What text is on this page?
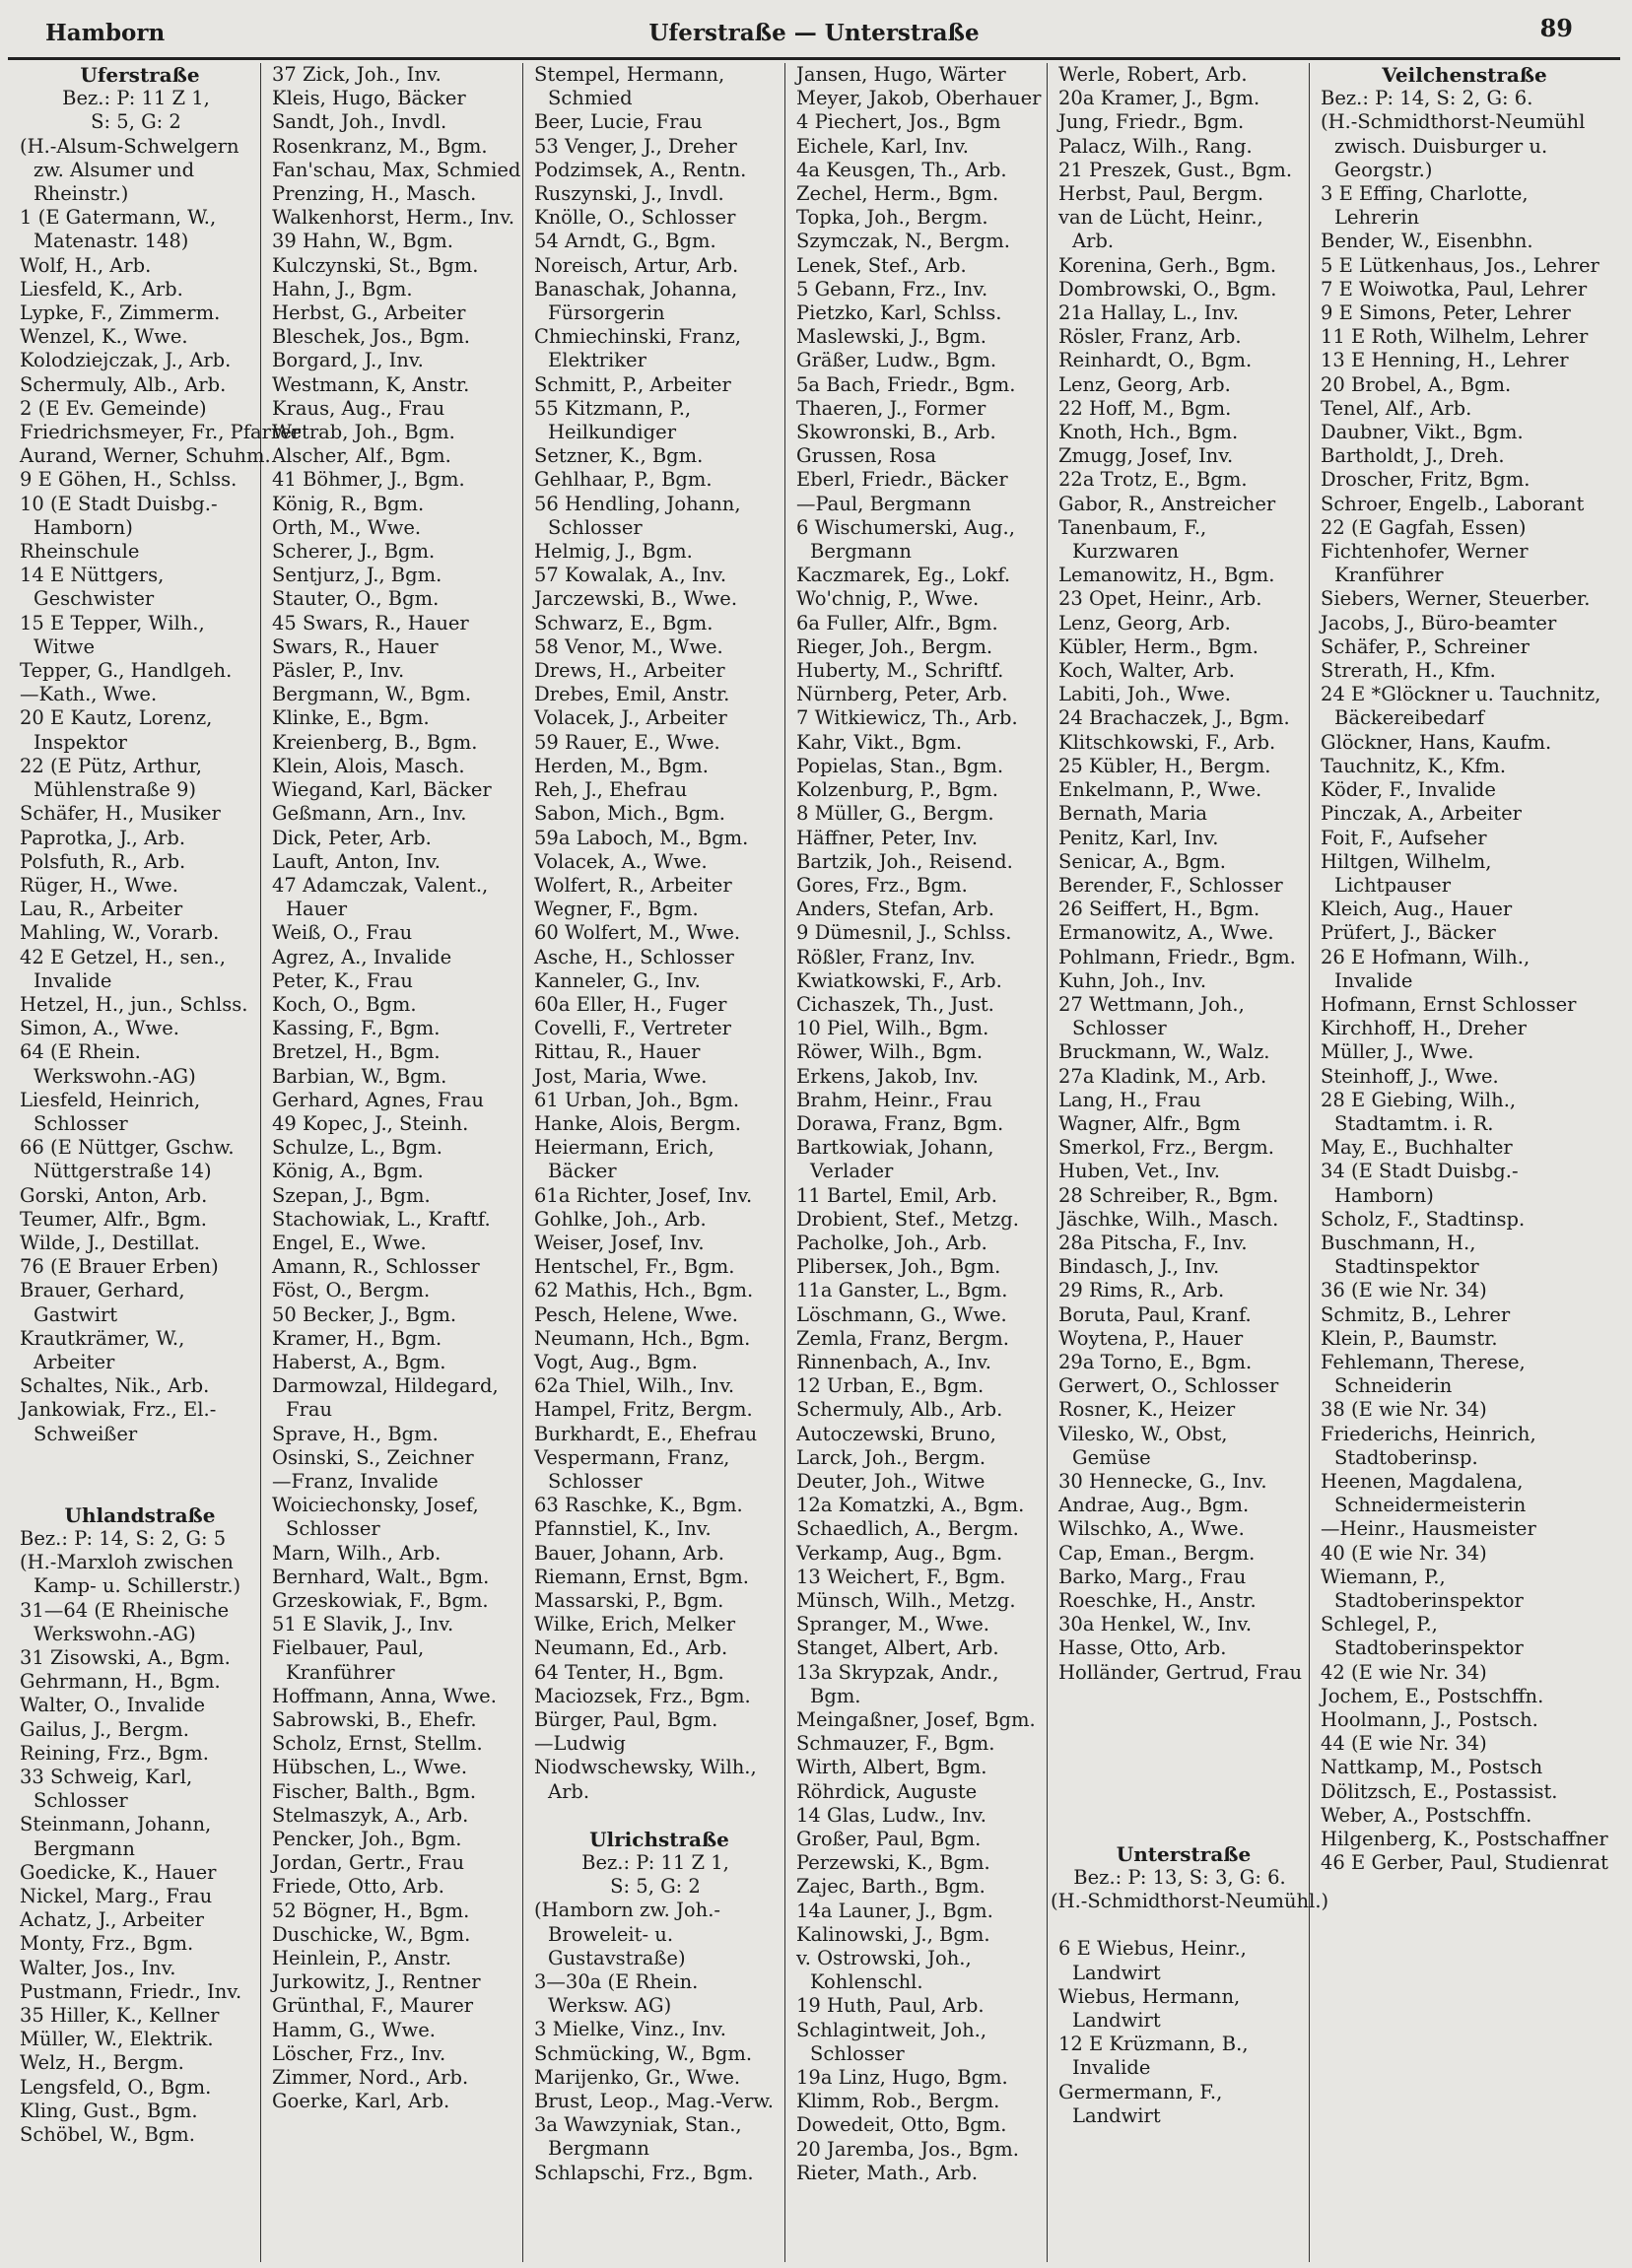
Hamborn	Uferstraße — Unterstraße	89
Uferstraße
Bez.: P: 11 Z 1,
S: 5, G: 2
(H.-Alsum-Schwelgern zw. Alsumer und Rheinstr.)
1 (E Gatermann, W., Matenastr. 148)
Wolf, H., Arb.
Liesfeld, K., Arb.
Lypke, F., Zimmerm.
Wenzel, K., Wwe.
Kolodziejczak, J., Arb.
Schermuly, Alb., Arb.
2 (E Ev. Gemeinde)
Friedrichsmeyer, Fr., Pfarrer
Aurand, Werner, Schuhm.
9 E Göhen, H., Schlss.
10 (E Stadt Duisbg.-Hamborn)
Rheinschule
14 E Nüttgers, Geschwister
15 E Tepper, Wilh., Witwe
Tepper, G., Handlgeh.
—Kath., Wwe.
20 E Kautz, Lorenz, Inspektor
22 (E Pütz, Arthur, Mühlenstraße 9)
Schäfer, H., Musiker
Paprotka, J., Arb.
Polsfuth, R., Arb.
Rüger, H., Wwe.
Lau, R., Arbeiter
Mahling, W., Vorarb.
42 E Getzel, H., sen., Invalide
Hetzel, H., jun., Schlss.
Simon, A., Wwe.
64 (E Rhein. Werkswohn.-AG)
Liesfeld, Heinrich, Schlosser
66 (E Nüttger, Gschw. Nüttgerstraße 14)
Gorski, Anton, Arb.
Teumer, Alfr., Bgm.
Wilde, J., Destillat.
76 (E Brauer Erben)
Brauer, Gerhard, Gastwirt
Krautkrämer, W., Arbeiter
Schaltes, Nik., Arb.
Jankowiak, Frz., El.-Schweißer
Uhlandstraße
Bez.: P: 14, S: 2, G: 5
(H.-Marxloh zwischen Kamp- u. Schillerstr.)
31—64 (E Rheinische Werkswohn.-AG)
31 Zisowski, A., Bgm.
Gehrmann, H., Bgm.
Walter, O., Invalide
Gailus, J., Bergm.
Reining, Frz., Bgm.
33 Schweig, Karl, Schlosser
Steinmann, Johann, Bergmann
Goedicke, K., Hauer
Nickel, Marg., Frau
Achatz, J., Arbeiter
Monty, Frz., Bgm.
Walter, Jos., Inv.
Pustmann, Friedr., Inv.
35 Hiller, K., Kellner
Müller, W., Elektrik.
Welz, H., Bergm.
Lengsfeld, O., Bgm.
Kling, Gust., Bgm.
Schöbel, W., Bgm.
37 Zick, Joh., Inv.
Kleis, Hugo, Bäcker
Sandt, Joh., Invdl.
Rosenkranz, M., Bgm.
Fan'schau, Max, Schmied
Prenzing, H., Masch.
Walkenhorst, Herm., Inv.
39 Hahn, W., Bgm.
Kulczynski, St., Bgm.
Hahn, J., Bgm.
Herbst, G., Arbeiter
Bleschek, Jos., Bgm.
Borgard, J., Inv.
Westmann, K, Anstr.
Kraus, Aug., Frau
Wetrab, Joh., Bgm.
Alscher, Alf., Bgm.
41 Böhmer, J., Bgm.
König, R., Bgm.
Orth, M., Wwe.
Scherer, J., Bgm.
Sentjurz, J., Bgm.
Stauter, O., Bgm.
45 Swars, R., Hauer
Swars, R., Hauer
Päsler, P., Inv.
Bergmann, W., Bgm.
Klinke, E., Bgm.
Kreienberg, B., Bgm.
Klein, Alois, Masch.
Wiegand, Karl, Bäcker
Geßmann, Arn., Inv.
Dick, Peter, Arb.
Lauft, Anton, Inv.
47 Adamczak, Valent., Hauer
Weiß, O., Frau
Agrez, A., Invalide
Peter, K., Frau
Koch, O., Bgm.
Kassing, F., Bgm.
Bretzel, H., Bgm.
Barbian, W., Bgm.
Gerhard, Agnes, Frau
49 Kopec, J., Steinh.
Schulze, L., Bgm.
König, A., Bgm.
Szepan, J., Bgm.
Stachowiak, L., Kraftf.
Engel, E., Wwe.
Amann, R., Schlosser
Föst, O., Bergm.
50 Becker, J., Bgm.
Kramer, H., Bgm.
Haberst, A., Bgm.
Darmowzal, Hildegard, Frau
Sprave, H., Bgm.
Osinski, S., Zeichner
—Franz, Invalide
Woiciechonsky, Josef, Schlosser
Marn, Wilh., Arb.
Bernhard, Walt., Bgm.
Grzeskowiak, F., Bgm.
51 E Slavik, J., Inv.
Fielbauer, Paul, Kranführer
Hoffmann, Anna, Wwe.
Sabrowski, B., Ehefr.
Scholz, Ernst, Stellm.
Hübschen, L., Wwe.
Fischer, Balth., Bgm.
Stelmaszyk, A., Arb.
Pencker, Joh., Bgm.
Jordan, Gertr., Frau
Friede, Otto, Arb.
52 Bögner, H., Bgm.
Duschicke, W., Bgm.
Heinlein, P., Anstr.
Jurkowitz, J., Rentner
Grünthal, F., Maurer
Hamm, G., Wwe.
Löscher, Frz., Inv.
Zimmer, Nord., Arb.
Goerke, Karl, Arb.
Stempel, Hermann, Schmied
Beer, Lucie, Frau
53 Venger, J., Dreher
Podzimsek, A., Rentn.
Ruszynski, J., Invdl.
Knölle, O., Schlosser
54 Arndt, G., Bgm.
Noreisch, Artur, Arb.
Banaschak, Johanna, Fürsorgerin
Chmiechinski, Franz, Elektriker
Schmitt, P., Arbeiter
55 Kitzmann, P., Heilkundiger
Setzner, K., Bgm.
Gehlhaar, P., Bgm.
56 Hendling, Johann, Schlosser
Helmig, J., Bgm.
57 Kowalak, A., Inv.
Jarczewski, B., Wwe.
Schwarz, E., Bgm.
58 Venor, M., Wwe.
Drews, H., Arbeiter
Drebes, Emil, Anstr.
Volacek, J., Arbeiter
59 Rauer, E., Wwe.
Herden, M., Bgm.
Reh, J., Ehefrau
Sabon, Mich., Bgm.
59a Laboch, M., Bgm.
Volacek, A., Wwe.
Wolfert, R., Arbeiter
Wegner, F., Bgm.
60 Wolfert, M., Wwe.
Asche, H., Schlosser
Kanneler, G., Inv.
60a Eller, H., Fuger
Covelli, F., Vertreter
Rittau, R., Hauer
Jost, Maria, Wwe.
61 Urban, Joh., Bgm.
Hanke, Alois, Bergm.
Heiermann, Erich, Bäcker
61a Richter, Josef, Inv.
Gohlke, Joh., Arb.
Weiser, Josef, Inv.
Hentschel, Fr., Bgm.
62 Mathis, Hch., Bgm.
Pesch, Helene, Wwe.
Neumann, Hch., Bgm.
Vogt, Aug., Bgm.
62a Thiel, Wilh., Inv.
Hampel, Fritz, Bergm.
Burkhardt, E., Ehefrau
Vespermann, Franz, Schlosser
63 Raschke, K., Bgm.
Pfannstiel, K., Inv.
Bauer, Johann, Arb.
Riemann, Ernst, Bgm.
Massarski, P., Bgm.
Wilke, Erich, Melker
Neumann, Ed., Arb.
64 Tenter, H., Bgm.
Maciozsek, Frz., Bgm.
Bürger, Paul, Bgm.
—Ludwig
Niodwschewsky, Wilh., Arb.
Ulrichstraße
Bez.: P: 11 Z 1,
S: 5, G: 2
(Hamborn zw. Joh.-Broweleit- u. Gustavstraße)
3—30a (E Rhein. Werksw. AG)
3 Mielke, Vinz., Inv.
Schmücking, W., Bgm.
Marijenko, Gr., Wwe.
Brust, Leop., Mag.-Verw.
3a Wawzyniak, Stan., Bergmann
Schlapschi, Frz., Bgm.
Jansen, Hugo, Wärter
Meyer, Jakob, Oberhauer
4 Piechert, Jos., Bgm
Eichele, Karl, Inv.
4a Keusgen, Th., Arb.
Zechel, Herm., Bgm.
Topka, Joh., Bergm.
Szymczak, N., Bergm.
Lenek, Stef., Arb.
5 Gebann, Frz., Inv.
Pietzko, Karl, Schlss.
Maslewski, J., Bgm.
Gräßer, Ludw., Bgm.
5a Bach, Friedr., Bgm.
Thaeren, J., Former
Skowronski, B., Arb.
Grussen, Rosa
Eberl, Friedr., Bäcker
—Paul, Bergmann
6 Wischumerski, Aug., Bergmann
Kaczmarek, Eg., Lokf.
Wo'chnig, P., Wwe.
6a Fuller, Alfr., Bgm.
Rieger, Joh., Bergm.
Huberty, M., Schriftf.
Nürnberg, Peter, Arb.
7 Witkiewicz, Th., Arb.
Kahr, Vikt., Bgm.
Popielas, Stan., Bgm.
Kolzenburg, P., Bgm.
8 Müller, G., Bergm.
Häffner, Peter, Inv.
Bartzik, Joh., Reisend.
Gores, Frz., Bgm.
Anders, Stefan, Arb.
9 Dümesnil, J., Schlss.
Rößler, Franz, Inv.
Kwiatkowski, F., Arb.
Cichaszek, Th., Just.
10 Piel, Wilh., Bgm.
Röwer, Wilh., Bgm.
Erkens, Jakob, Inv.
Brahm, Heinr., Frau
Dorawa, Franz, Bgm.
Bartkowiak, Johann, Verlader
11 Bartel, Emil, Arb.
Drobient, Stef., Metzg.
Pacholke, Joh., Arb.
Pliberseк, Joh., Bgm.
11a Ganster, L., Bgm.
Löschmann, G., Wwe.
Zemla, Franz, Bergm.
Rinnenbach, A., Inv.
12 Urban, E., Bgm.
Schermuly, Alb., Arb.
Autoczewski, Bruno,
Larck, Joh., Bergm.
Deuter, Joh., Witwe
12a Komatzki, A., Bgm.
Schaedlich, A., Bergm.
Verkamp, Aug., Bgm.
13 Weichert, F., Bgm.
Münsch, Wilh., Metzg.
Spranger, M., Wwe.
Stanget, Albert, Arb.
13a Skrypzak, Andr., Bgm.
Meingaßner, Josef, Bgm.
Schmauzer, F., Bgm.
Wirth, Albert, Bgm.
Röhrdick, Auguste
14 Glas, Ludw., Inv.
Großer, Paul, Bgm.
Perzewski, K., Bgm.
Zajec, Barth., Bgm.
14a Launer, J., Bgm.
Kalinowski, J., Bgm.
v. Ostrowski, Joh., Kohlenschl.
19 Huth, Paul, Arb.
Schlagintweit, Joh., Schlosser
19a Linz, Hugo, Bgm.
Klimm, Rob., Bergm.
Dowedeit, Otto, Bgm.
20 Jaremba, Jos., Bgm.
Rieter, Math., Arb.
Werle, Robert, Arb.
20a Kramer, J., Bgm.
Jung, Friedr., Bgm.
Palacz, Wilh., Rang.
21 Preszek, Gust., Bgm.
Herbst, Paul, Bergm.
van de Lücht, Heinr., Arb.
Korenina, Gerh., Bgm.
Dombrowski, O., Bgm.
21a Hallay, L., Inv.
Rösler, Franz, Arb.
Reinhardt, O., Bgm.
Lenz, Georg, Arb.
22 Hoff, M., Bgm.
Knoth, Hch., Bgm.
Zmugg, Josef, Inv.
22a Trotz, E., Bgm.
Gabor, R., Anstreicher
Tanenbaum, F., Kurzwaren
Lemanowitz, H., Bgm.
23 Opet, Heinr., Arb.
Lenz, Georg, Arb.
Kübler, Herm., Bgm.
Koch, Walter, Arb.
Labiti, Joh., Wwe.
24 Brachaczek, J., Bgm.
Klitschkowski, F., Arb.
25 Kübler, H., Bergm.
Enkelmann, P., Wwe.
Bernath, Maria
Penitz, Karl, Inv.
Senicar, A., Bgm.
Berender, F., Schlosser
26 Seiffert, H., Bgm.
Ermanowitz, A., Wwe.
Pohlmann, Friedr., Bgm.
Kuhn, Joh., Inv.
27 Wettmann, Joh., Schlosser
Bruckmann, W., Walz.
27a Kladink, M., Arb.
Lang, H., Frau
Wagner, Alfr., Bgm
Smerkol, Frz., Bergm.
Huben, Vet., Inv.
28 Schreiber, R., Bgm.
Jäschke, Wilh., Masch.
28a Pitscha, F., Inv.
Bindasch, J., Inv.
29 Rims, R., Arb.
Boruta, Paul, Kranf.
Woytena, P., Hauer
29a Torno, E., Bgm.
Gerwert, O., Schlosser
Rosner, K., Heizer
Vilesko, W., Obst, Gemüse
30 Hennecke, G., Inv.
Andrae, Aug., Bgm.
Wilschko, A., Wwe.
Cap, Eman., Bergm.
Barko, Marg., Frau
Roeschke, H., Anstr.
30a Henkel, W., Inv.
Hasse, Otto, Arb.
Holländer, Gertrud, Frau
Unterstraße
Bez.: P: 13, S: 3, G: 6.
(H.-Schmidthorst-Neumühl.)
6 E Wiebus, Heinr., Landwirt
Wiebus, Hermann, Landwirt
12 E Krüzmann, B., Invalide
Germermann, F., Landwirt
Veilchenstraße
Bez.: P: 14, S: 2, G: 6.
(H.-Schmidthorst-Neumühl zwisch. Duisburger u. Georgstr.)
3 E Effing, Charlotte, Lehrerin
Bender, W., Eisenbhn.
5 E Lütkenhaus, Jos., Lehrer
7 E Woiwotka, Paul, Lehrer
9 E Simons, Peter, Lehrer
11 E Roth, Wilhelm, Lehrer
13 E Henning, H., Lehrer
20 Brobel, A., Bgm.
Tenel, Alf., Arb.
Daubner, Vikt., Bgm.
Bartholdt, J., Dreh.
Droscher, Fritz, Bgm.
Schroer, Engelb., Laborant
22 (E Gagfah, Essen)
Fichtenhofer, Werner Kranführer
Siebers, Werner, Steuerber.
Jacobs, J., Büro-beamter
Schäfer, P., Schreiner
Strerath, H., Kfm.
24 E *Glöckner u. Tauchnitz, Bäckereibedarf
Glöckner, Hans, Kaufm.
Tauchnitz, K., Kfm.
Köder, F., Invalide
Pinczak, A., Arbeiter
Foit, F., Aufseher
Hiltgen, Wilhelm, Lichtpauser
Kleich, Aug., Hauer
Prüfert, J., Bäcker
26 E Hofmann, Wilh., Invalide
Hofmann, Ernst Schlosser
Kirchhoff, H., Dreher
Müller, J., Wwe.
Steinhoff, J., Wwe.
28 E Giebing, Wilh., Stadtamtm. i. R.
May, E., Buchhalter
34 (E Stadt Duisbg.-Hamborn)
Scholz, F., Stadtinsp.
Buschmann, H., Stadtinspektor
36 (E wie Nr. 34)
Schmitz, B., Lehrer
Klein, P., Baumstr.
Fehlemann, Therese, Schneiderin
38 (E wie Nr. 34)
Friederichs, Heinrich, Stadtoberinsp.
Heenen, Magdalena, Schneidermeisterin
—Heinr., Hausmeister
40 (E wie Nr. 34)
Wiemann, P., Stadtoberinspektor
Schlegel, P., Stadtoberinspektor
42 (E wie Nr. 34)
Jochem, E., Postschffn.
Hoolmann, J., Postsch.
44 (E wie Nr. 34)
Nattkamp, M., Postsch
Dölitzsch, E., Postassist.
Weber, A., Postschffn.
Hilgenberg, K., Postschaffner
46 E Gerber, Paul, Studienrat
